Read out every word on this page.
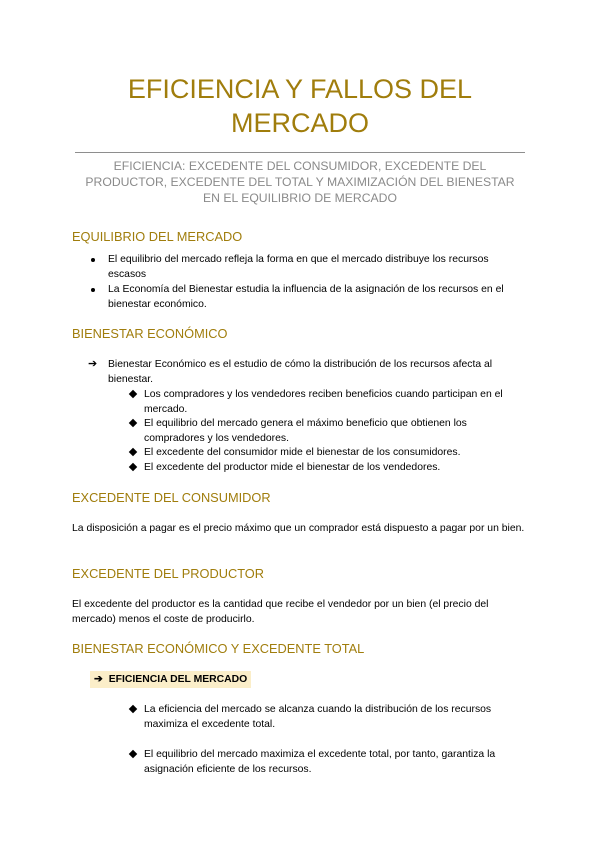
EFICIENCIA Y FALLOS DEL MERCADO

EFICIENCIA: EXCEDENTE DEL CONSUMIDOR, EXCEDENTE DEL PRODUCTOR, EXCEDENTE DEL TOTAL Y MAXIMIZACIÓN DEL BIENESTAR EN EL EQUILIBRIO DE MERCADO

EQUILIBRIO DEL MERCADO
El equilibrio del mercado refleja la forma en que el mercado distribuye los recursos escasos
La Economía del Bienestar estudia la influencia de la asignación de los recursos en el bienestar económico.
BIENESTAR ECONÓMICO
➔ Bienestar Económico es el estudio de cómo la distribución de los recursos afecta al bienestar.
Los compradores y los vendedores reciben beneficios cuando participan en el mercado.
El equilibrio del mercado genera el máximo beneficio que obtienen los compradores y los vendedores.
El excedente del consumidor mide el bienestar de los consumidores.
El excedente del productor mide el bienestar de los vendedores.
EXCEDENTE DEL CONSUMIDOR

La disposición a pagar es el precio máximo que un comprador está dispuesto a pagar por un bien.

EXCEDENTE DEL PRODUCTOR

El excedente del productor es la cantidad que recibe el vendedor por un bien (el precio del mercado) menos el coste de producirlo.

BIENESTAR ECONÓMICO Y EXCEDENTE TOTAL
➔ EFICIENCIA DEL MERCADO
La eficiencia del mercado se alcanza cuando la distribución de los recursos maximiza el excedente total.
El equilibrio del mercado maximiza el excedente total, por tanto, garantiza la asignación eficiente de los recursos.
